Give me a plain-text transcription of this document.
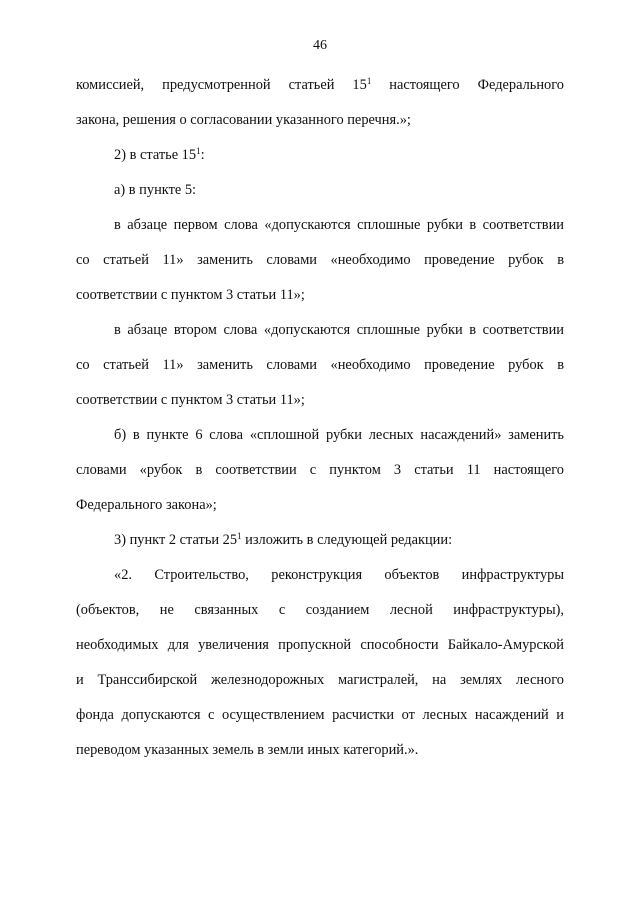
46
комиссией, предусмотренной статьей $15^1$ настоящего Федерального
закона, решения о согласовании указанного перечня.»;
2) в статье $15^1$:
а) в пункте 5:
в абзаце первом слова «допускаются сплошные рубки в соответствии
со статьей 11» заменить словами «необходимо проведение рубок в
соответствии с пунктом 3 статьи 11»;
в абзаце втором слова «допускаются сплошные рубки в соответствии
со статьей 11» заменить словами «необходимо проведение рубок в
соответствии с пунктом 3 статьи 11»;
б) в пункте 6 слова «сплошной рубки лесных насаждений» заменить
словами «рубок в соответствии с пунктом 3 статьи 11 настоящего
Федерального закона»;
3) пункт 2 статьи $25^1$ изложить в следующей редакции:
«2. Строительство, реконструкция объектов инфраструктуры
(объектов, не связанных с созданием лесной инфраструктуры),
необходимых для увеличения пропускной способности Байкало-Амурской
и Транссибирской железнодорожных магистралей, на землях лесного
фонда допускаются с осуществлением расчистки от лесных насаждений и
переводом указанных земель в земли иных категорий.».
